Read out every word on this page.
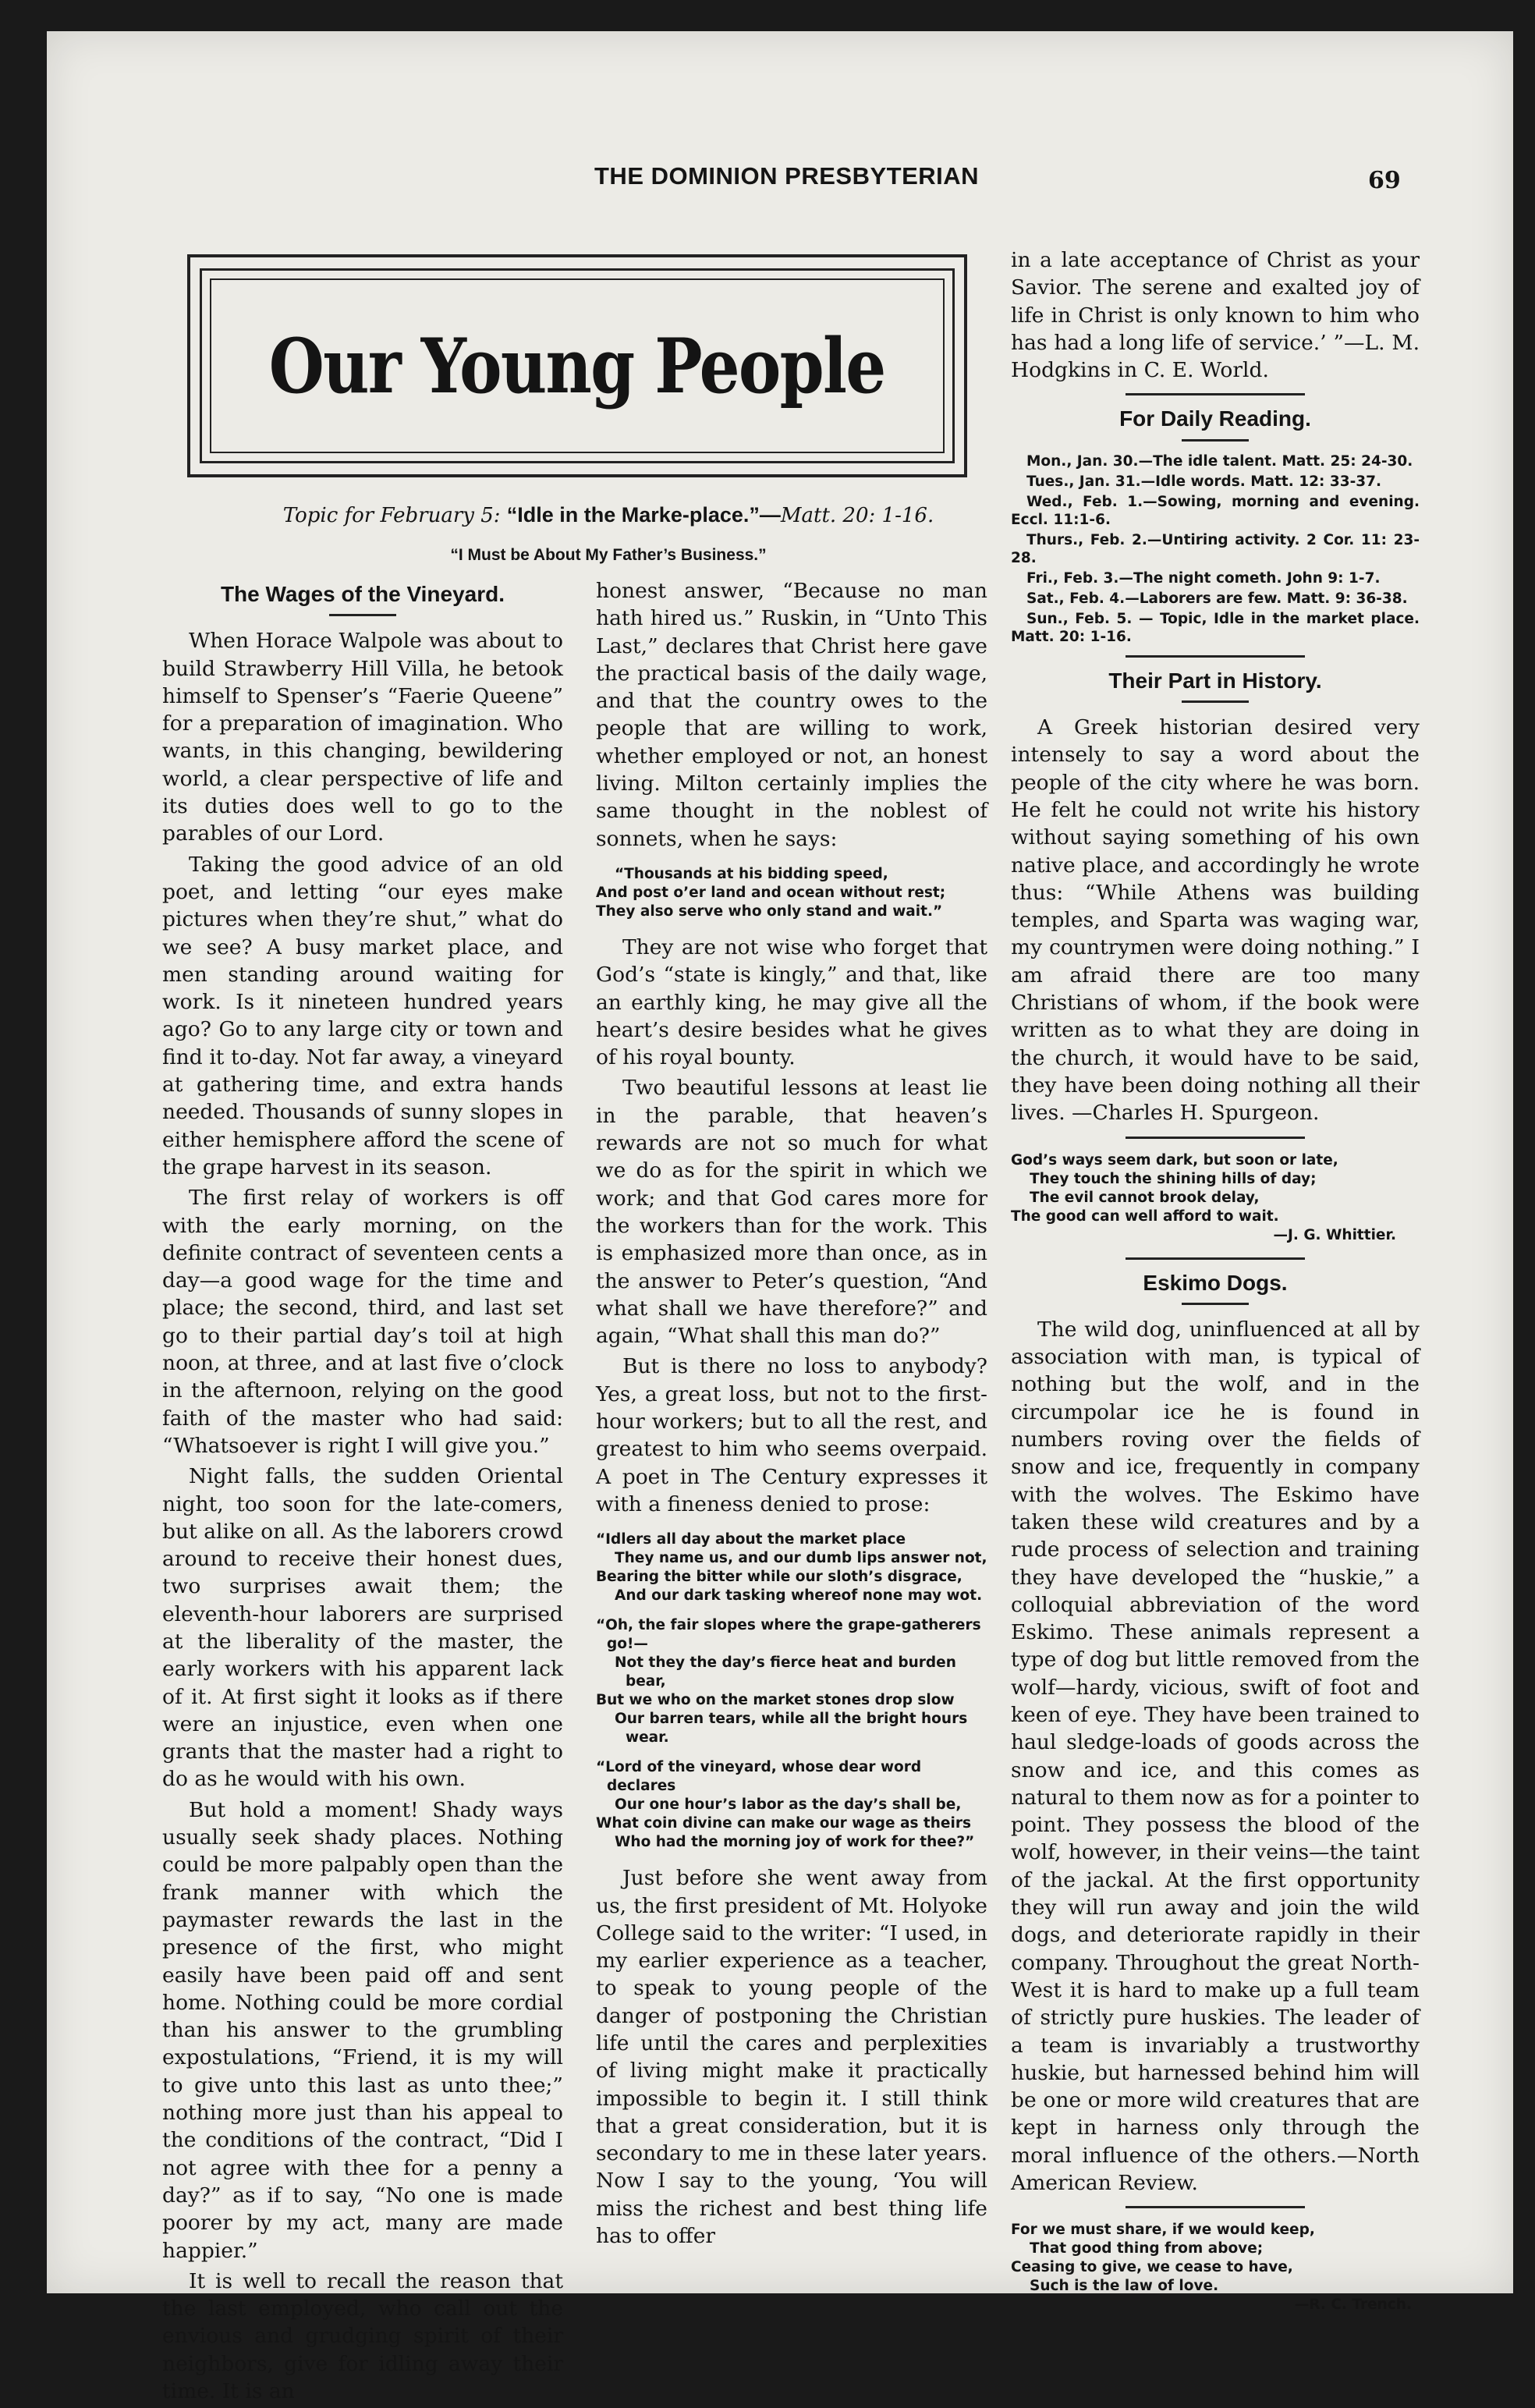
THE DOMINION PRESBYTERIAN	69
Our Young People
Topic for February 5: “Idle in the Marke‑place.”—Matt. 20: 1‑16.
“I Must be About My Father’s Business.”
The Wages of the Vineyard.

When Horace Walpole was about to build Strawberry Hill Villa, he betook himself to Spenser’s “Faerie Queene” for a preparation of imagination. Who wants, in this changing, bewildering world, a clear perspective of life and its duties does well to go to the parables of our Lord.

Taking the good advice of an old poet, and letting “our eyes make pictures when they’re shut,” what do we see? A busy market place, and men standing around waiting for work. Is it nineteen hundred years ago? Go to any large city or town and find it to-day. Not far away, a vineyard at gathering time, and extra hands needed. Thousands of sunny slopes in either hemisphere afford the scene of the grape harvest in its season.

The first relay of workers is off with the early morning, on the definite contract of seventeen cents a day—a good wage for the time and place; the second, third, and last set go to their partial day’s toil at high noon, at three, and at last five o’clock in the afternoon, relying on the good faith of the master who had said: “Whatsoever is right I will give you.”

Night falls, the sudden Oriental night, too soon for the late-comers, but alike on all. As the laborers crowd around to receive their honest dues, two surprises await them; the eleventh-hour laborers are surprised at the liberality of the master, the early workers with his apparent lack of it. At first sight it looks as if there were an injustice, even when one grants that the master had a right to do as he would with his own.

But hold a moment! Shady ways usually seek shady places. Nothing could be more palpably open than the frank manner with which the paymaster rewards the last in the presence of the first, who might easily have been paid off and sent home. Nothing could be more cordial than his answer to the grumbling expostulations, “Friend, it is my will to give unto this last as unto thee;” nothing more just than his appeal to the conditions of the contract, “Did I not agree with thee for a penny a day?” as if to say, “No one is made poorer by my act, many are made happier.”

It is well to recall the reason that the last employed, who call out the envious and grudging spirit of their neighbors, give for idling away their time. It is an

honest answer, “Because no man hath hired us.” Ruskin, in “Unto This Last,” declares that Christ here gave the practical basis of the daily wage, and that the country owes to the people that are willing to work, whether employed or not, an honest living. Milton certainly implies the same thought in the noblest of sonnets, when he says:

“Thousands at his bidding speed,
And post o’er land and ocean without rest;
They also serve who only stand and wait.”

They are not wise who forget that God’s “state is kingly,” and that, like an earthly king, he may give all the heart’s desire besides what he gives of his royal bounty.

Two beautiful lessons at least lie in the parable, that heaven’s rewards are not so much for what we do as for the spirit in which we work; and that God cares more for the workers than for the work. This is emphasized more than once, as in the answer to Peter’s question, “And what shall we have therefore?” and again, “What shall this man do?”

But is there no loss to anybody? Yes, a great loss, but not to the first-hour workers; but to all the rest, and greatest to him who seems overpaid. A poet in The Century expresses it with a fineness denied to prose:

“Idlers all day about the market place
They name us, and our dumb lips answer not,
Bearing the bitter while our sloth’s disgrace,
And our dark tasking whereof none may wot.
“Oh, the fair slopes where the grape-gatherers go!—
Not they the day’s fierce heat and burden bear,
But we who on the market stones drop slow
Our barren tears, while all the bright hours wear.
“Lord of the vineyard, whose dear word declares
Our one hour’s labor as the day’s shall be,
What coin divine can make our wage as theirs
Who had the morning joy of work for thee?”

Just before she went away from us, the first president of Mt. Holyoke College said to the writer: “I used, in my earlier experience as a teacher, to speak to young people of the danger of postponing the Christian life until the cares and perplexities of living might make it practically impossible to begin it. I still think that a great consideration, but it is secondary to me in these later years. Now I say to the young, ‘You will miss the richest and best thing life has to offer

in a late acceptance of Christ as your Savior. The serene and exalted joy of life in Christ is only known to him who has had a long life of service.’ ”—L. M. Hodgkins in C. E. World.

For Daily Reading.
Mon., Jan. 30.—The idle talent. Matt. 25: 24-30.
Tues., Jan. 31.—Idle words. Matt. 12: 33-37.
Wed., Feb. 1.—Sowing, morning and evening. Eccl. 11:1-6.
Thurs., Feb. 2.—Untiring activity. 2 Cor. 11: 23-28.
Fri., Feb. 3.—The night cometh. John 9: 1-7.
Sat., Feb. 4.—Laborers are few. Matt. 9: 36-38.
Sun., Feb. 5. — Topic, Idle in the market place. Matt. 20: 1-16.
Their Part in History.

A Greek historian desired very intensely to say a word about the people of the city where he was born. He felt he could not write his history without saying something of his own native place, and accordingly he wrote thus: “While Athens was building temples, and Sparta was waging war, my countrymen were doing nothing.” I am afraid there are too many Christians of whom, if the book were written as to what they are doing in the church, it would have to be said, they have been doing nothing all their lives. —Charles H. Spurgeon.

God’s ways seem dark, but soon or late,
They touch the shining hills of day;
The evil cannot brook delay,
The good can well afford to wait.
—J. G. Whittier.
Eskimo Dogs.

The wild dog, uninfluenced at all by association with man, is typical of nothing but the wolf, and in the circumpolar ice he is found in numbers roving over the fields of snow and ice, frequently in company with the wolves. The Eskimo have taken these wild creatures and by a rude process of selection and training they have developed the “huskie,” a colloquial abbreviation of the word Eskimo. These animals represent a type of dog but little removed from the wolf—hardy, vicious, swift of foot and keen of eye. They have been trained to haul sledge-loads of goods across the snow and ice, and this comes as natural to them now as for a pointer to point. They possess the blood of the wolf, however, in their veins—the taint of the jackal. At the first opportunity they will run away and join the wild dogs, and deteriorate rapidly in their company. Throughout the great North-West it is hard to make up a full team of strictly pure huskies. The leader of a team is invariably a trustworthy huskie, but harnessed behind him will be one or more wild creatures that are kept in harness only through the moral influence of the others.—North American Review.

For we must share, if we would keep,
That good thing from above;
Ceasing to give, we cease to have,
Such is the law of love.
—R. C. Trench.
